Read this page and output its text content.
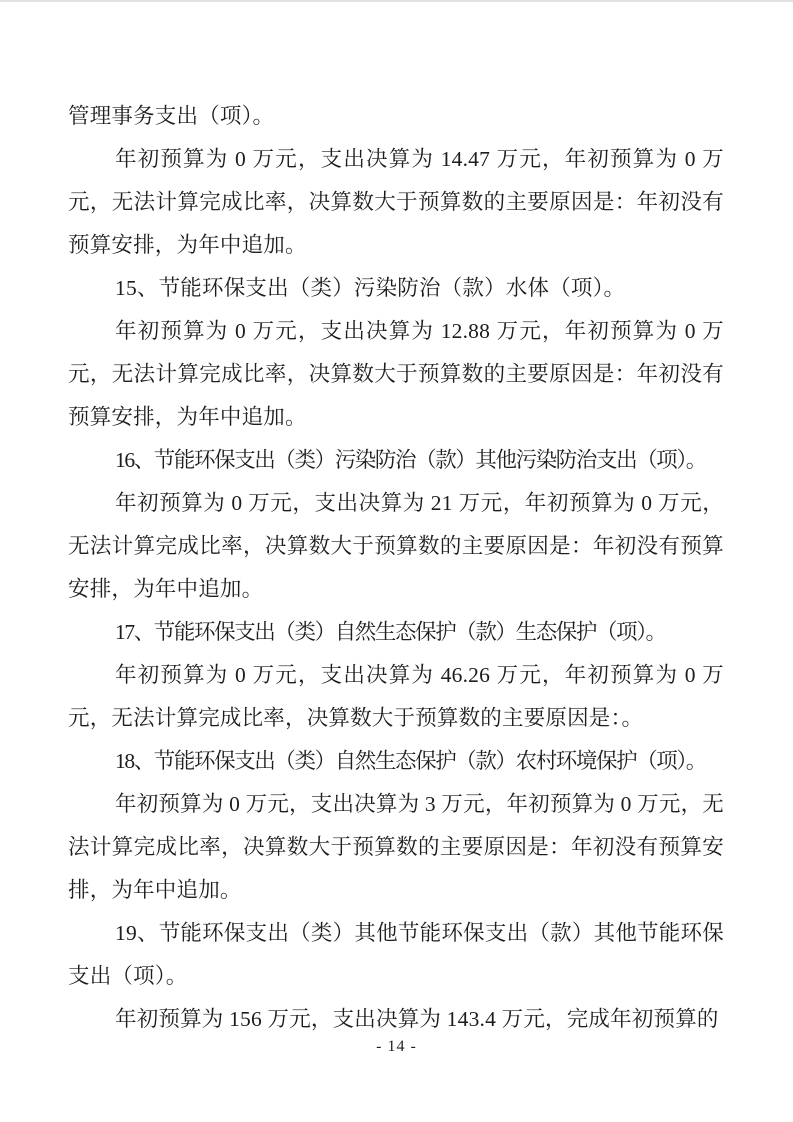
管理事务支出（项）。

年初预算为 0 万元，支出决算为 14.47 万元，年初预算为 0 万元，无法计算完成比率，决算数大于预算数的主要原因是：年初没有预算安排，为年中追加。

15、节能环保支出（类）污染防治（款）水体（项）。

年初预算为 0 万元，支出决算为 12.88 万元，年初预算为 0 万元，无法计算完成比率，决算数大于预算数的主要原因是：年初没有预算安排，为年中追加。

16、节能环保支出（类）污染防治（款）其他污染防治支出（项）。

年初预算为 0 万元，支出决算为 21 万元，年初预算为 0 万元，无法计算完成比率，决算数大于预算数的主要原因是：年初没有预算安排，为年中追加。

17、节能环保支出（类）自然生态保护（款）生态保护（项）。

年初预算为 0 万元，支出决算为 46.26 万元，年初预算为 0 万元，无法计算完成比率，决算数大于预算数的主要原因是：。

18、节能环保支出（类）自然生态保护（款）农村环境保护（项）。

年初预算为 0 万元，支出决算为 3 万元，年初预算为 0 万元，无法计算完成比率，决算数大于预算数的主要原因是：年初没有预算安排，为年中追加。

19、节能环保支出（类）其他节能环保支出（款）其他节能环保支出（项）。

年初预算为 156 万元，支出决算为 143.4 万元，完成年初预算的

- 14 -
